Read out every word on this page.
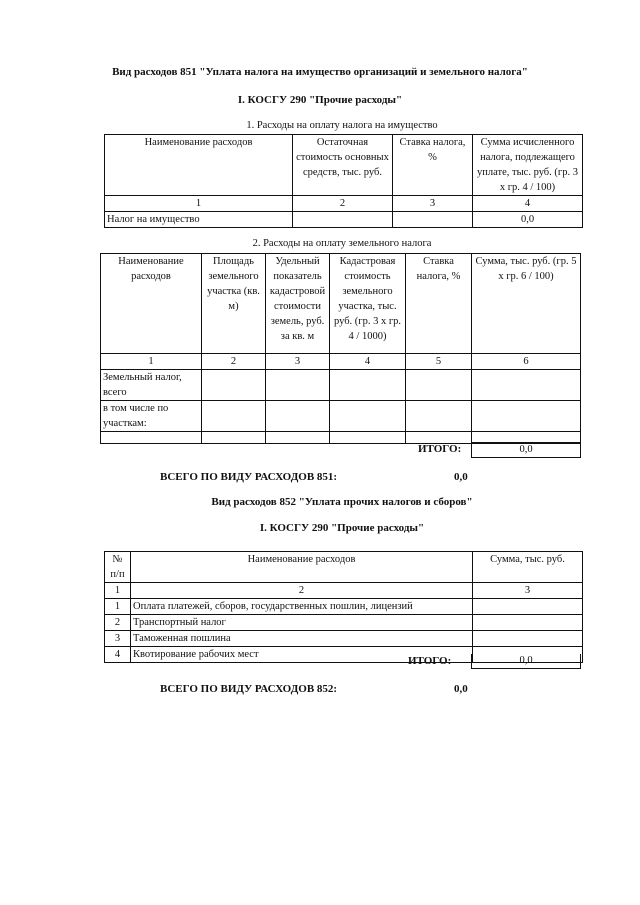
Вид расходов 851 "Уплата налога на имущество организаций и земельного налога"
I. КОСГУ 290 "Прочие расходы"
1. Расходы на оплату налога на имущество
Наименование расходов	Остаточная стоимость основных средств, тыс. руб.	Ставка налога, %	Сумма исчисленного налога, подлежащего уплате, тыс. руб. (гр. 3 х гр. 4 / 100)
1	2	3	4
Налог на имущество			0,0
2. Расходы на оплату земельного налога
Наименование расходов	Площадь земельного участка (кв. м)	Удельный показатель кадастровой стоимости земель, руб. за кв. м	Кадастровая стоимость земельного участка, тыс. руб. (гр. 3 х гр. 4 / 1000)	Ставка налога, %	Сумма, тыс. руб. (гр. 5 х гр. 6 / 100)
1	2	3	4	5	6
Земельный налог, всего					
в том числе по участкам:					

ИТОГО:	0,0
ВСЕГО ПО ВИДУ РАСХОДОВ 851:	0,0
Вид расходов 852 "Уплата прочих налогов и сборов"
I. КОСГУ 290 "Прочие расходы"
№ п/п	Наименование расходов	Сумма, тыс. руб.
1	2	3
1	Оплата платежей, сборов, государственных пошлин, лицензий	
2	Транспортный налог	
3	Таможенная пошлина	
4	Квотирование рабочих мест	
ИТОГО:	0,0
ВСЕГО ПО ВИДУ РАСХОДОВ 852:	0,0
